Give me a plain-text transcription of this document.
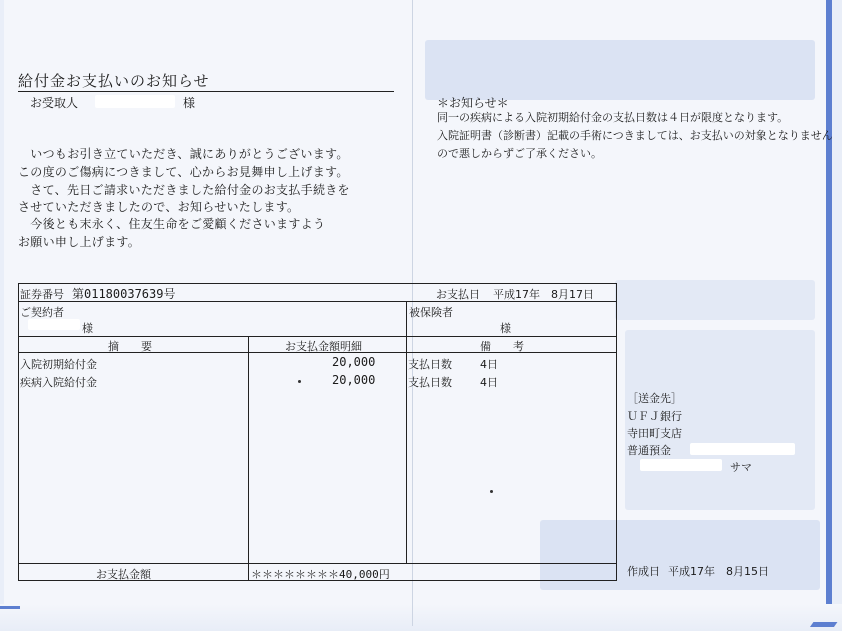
給付金お支払いのお知らせ
お受取人	様
　いつもお引き立ていただき、誠にありがとうございます。
この度のご傷病につきまして、心からお見舞申し上げます。
　さて、先日ご請求いただきました給付金のお支払手続きを
させていただきましたので、お知らせいたします。
　今後とも末永く、住友生命をご愛顧くださいますよう
お願い申し上げます。
＊お知らせ＊
同一の疾病による入院初期給付金の支払日数は４日が限度となります。
入院証明書（診断書）記載の手術につきましては、お支払いの対象となりません
ので悪しからずご了承ください。
証券番号 第01180037639号	お支払日 平成17年　8月17日
ご契約者
様
被保険者
様
摘　　要	お支払金額明細	備　　考
入院初期給付金	20,000	支払日数	4日
疾病入院給付金	20,000	支払日数	4日
お支払金額	＊＊＊＊＊＊＊＊40,000円
［送金先］
ＵＦＪ銀行
寺田町支店
普通預金
サマ
作成日 平成17年　8月15日
